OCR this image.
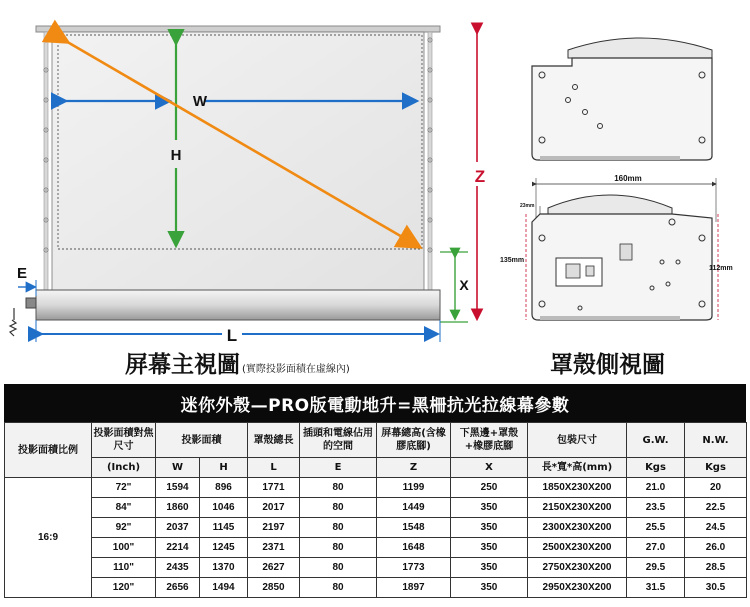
W
H
Z
X
E
L
160mm
23mm
135mm
112mm
屏幕主視圖 (實際投影面積在虛線內)	罩殼側視圖
迷你外殼—PRO版電動地升=黑柵抗光拉線幕參數
投影面積比例	投影面積對焦尺寸	投影面積		罩殼總長	插頭和電線佔用的空間	屏幕總高(含橡膠底腳)	下黑邊+罩殼+橡膠底腳	包裝尺寸	G.W.	N.W.
	(Inch)	W	H	L	E	Z	X	長*寬*高(mm)	Kgs	Kgs
16:9	72"	1594	896	1771	80	1199	250	1850X230X200	21.0	20
	84"	1860	1046	2017	80	1449	350	2150X230X200	23.5	22.5
	92"	2037	1145	2197	80	1548	350	2300X230X200	25.5	24.5
	100"	2214	1245	2371	80	1648	350	2500X230X200	27.0	26.0
	110"	2435	1370	2627	80	1773	350	2750X230X200	29.5	28.5
	120"	2656	1494	2850	80	1897	350	2950X230X200	31.5	30.5
